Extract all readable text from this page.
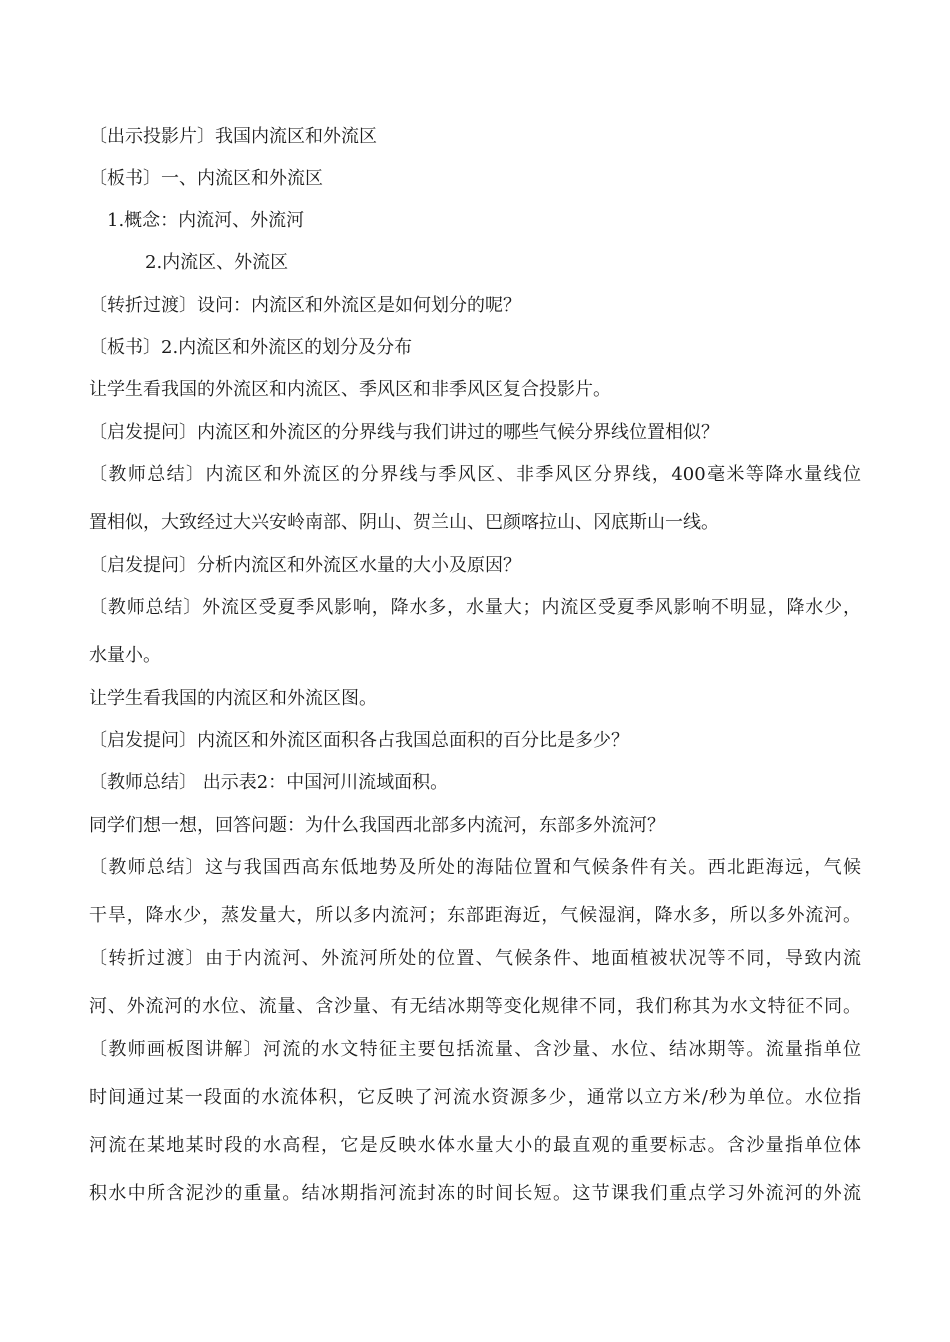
〔出示投影片〕我国内流区和外流区
〔板书〕一、内流区和外流区
1.概念：内流河、外流河
2.内流区、外流区
〔转折过渡〕设问：内流区和外流区是如何划分的呢？
〔板书〕2.内流区和外流区的划分及分布
让学生看我国的外流区和内流区、季风区和非季风区复合投影片。
〔启发提问〕内流区和外流区的分界线与我们讲过的哪些气候分界线位置相似？
〔教师总结〕内流区和外流区的分界线与季风区、非季风区分界线，400毫米等降水量线位
置相似，大致经过大兴安岭南部、阴山、贺兰山、巴颜喀拉山、冈底斯山一线。
〔启发提问〕分析内流区和外流区水量的大小及原因？
〔教师总结〕外流区受夏季风影响，降水多，水量大；内流区受夏季风影响不明显，降水少，
水量小。
让学生看我国的内流区和外流区图。
〔启发提问〕内流区和外流区面积各占我国总面积的百分比是多少？
〔教师总结〕 出示表2：中国河川流域面积。
同学们想一想，回答问题：为什么我国西北部多内流河，东部多外流河？
〔教师总结〕这与我国西高东低地势及所处的海陆位置和气候条件有关。西北距海远，气候
干旱，降水少，蒸发量大，所以多内流河；东部距海近，气候湿润，降水多，所以多外流河。
〔转折过渡〕由于内流河、外流河所处的位置、气候条件、地面植被状况等不同，导致内流
河、外流河的水位、流量、含沙量、有无结冰期等变化规律不同，我们称其为水文特征不同。
〔教师画板图讲解〕河流的水文特征主要包括流量、含沙量、水位、结冰期等。流量指单位
时间通过某一段面的水流体积，它反映了河流水资源多少，通常以立方米/秒为单位。水位指
河流在某地某时段的水高程，它是反映水体水量大小的最直观的重要标志。含沙量指单位体
积水中所含泥沙的重量。结冰期指河流封冻的时间长短。这节课我们重点学习外流河的外流
